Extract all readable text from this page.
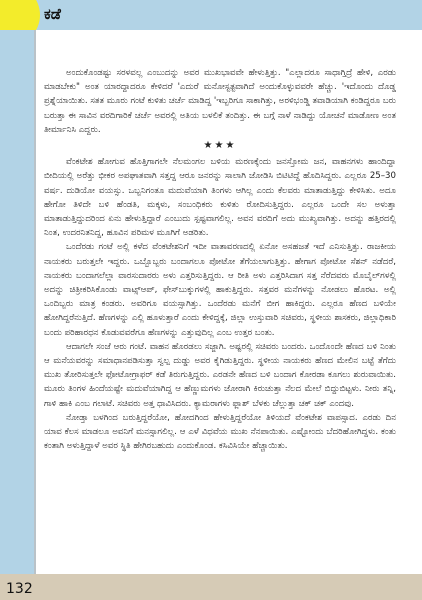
ಕಡೆ

ಅಂದುಕೊಂಡಷ್ಟು ಸರಳವಲ್ಲ ಎಂಬುದನ್ನು ಅವರ ಮುಖಭಾವವೇ ಹೇಳುತ್ತಿತ್ತು. "ಎಲ್ಲಾದರೂ ಸಾಧಾಗ್ತಿದ್ರೆ ಹೇಳಿ, ಎರಡು ಮಾಡಬೇಕು" ಅಂತ ಯಾರದ್ದಾದರೂ ಕೇಳಿದರೆ 'ಎದುರೆ ಮನೋಸ್ಟತ್ಟವಾಗಿದೆ ಅಂದುಕೊಳ್ಳುವವರೇ ಹೆಚ್ಚು. 'ಇದೊಂದು ದೊಡ್ಡ ಪ್ರಶ್ನೆಯಾಯಿತು. ಸತತ ಮೂರು ಗಂಟೆ ಕುಳಿತು ಚರ್ಚೆ ಮಾಡಿದ್ದ 'ಇಬ್ಬರಿಗೂ ಸಾಕಾಗಿತ್ತು, ಅರಳಿಭಂಡ್ಡಿ ತವಾಡಿಯಾಗಿ ಕಂಡಿದ್ದರೂ ಬರು ಬರುತ್ತಾ ಈ ಸಾವಿನ ವರದಿಗಾರಿಕೆ ಚರ್ಚೆ ಅವರಲ್ಲಿ ಅತಿಯ ಬಳಲಿಕೆ ತಂದಿತ್ತು. ಈ ಬಗ್ಗೆ ನಾಳೆ ನಾಡಿದ್ದು ಯೋಚನೆ ಮಾಡೋಣ ಅಂತ ತೀರ್ಮಾನಿಸಿ ಎದ್ದರು.

★★★

ವೆಂಕಟೇಶ ಹೋಗುವ ಹೊತ್ತಿಗಾಗಲೇ ನೆಲಮಂಗಲ ಬಳಿಯ ಮರಣಕ್ಕೆಂದು ಜನಸ್ತೋಮ ಜನ, ವಾಹನಗಳು ಹಾಂದಿದ್ದಾ ಬೀದಿಯಲ್ಲಿ ಅರೆತ್ತು ಭೀಕರ ಅಪಘಾತವಾಗಿ ಸತ್ತದ್ದ ಆರೂ ಜನರನ್ನು ಸಾಲಾಗಿ ಜೋಡಿಸಿ ಬಿಟಿಟಿದ್ದೆ ಹೊದಿಸಿದ್ದರು. ಎಲ್ಲರೂ 25–30 ವರ್ಷ. ದುಡಿಯೋ ವಯಸ್ಸು. ಒಬ್ಬನಿಗಂತೂ ಮದುವೆಯಾಗಿ ತಿಂಗಳು ಆಗಿಲ್ಲ ಎಂದು ಕೆಲವರು ಮಾತಾಡುತ್ತಿದ್ದು ಕೇಳಿಸಿತು. ಅದೂ ಹೇಗೋ ತಿಳಿದೇ ಬಳಿ ಹೆಂಡತಿ, ಮಕ್ಕಳು, ಸಂಬಂಧಿಕರು ಕುಳಿತು ರೋದಿಸುತ್ತಿದ್ದರು. ಎಲ್ಲರೂ ಒಂದೇ ಸಲ ಅಳುತ್ತಾ ಮಾತಾಡುತ್ತಿದ್ದುದರಿಂದ ಏನು ಹೇಳುತ್ತಿದ್ದಾರೆ ಎಂಬುದು ಸ್ಪಷ್ಟವಾಗಲಿಲ್ಲ. ಅವನ ವರದಿಗೆ ಅದು ಮುಖ್ಯವಾಗಿತ್ತು. ಅದನ್ನು ಹತ್ತಿರದಲ್ಲಿ ನಿಂತ, ಉದರನಿತನಿದ್ದ, ಹೂವಿನ ಪರಿಮಳ ಮೂಗಿಗೆ ಅಡರಿತು.

ಒಂದೆರಡು ಗಂಟೆ ಅಲ್ಲಿ ಕಳೆದ ವೆಂಕಟೇಶನಿಗೆ ಇದೀ ವಾತಾವರಣದಲ್ಲಿ ಏನೋ ಅಸಹಜತೆ ಇದೆ ಎನಿಸುತ್ತಿತ್ತು. ರಾಜಕೀಯ ನಾಯಕರು ಬರುತ್ತಲೇ ಇದ್ದರು. ಒಬ್ಬೊಬ್ಬರು ಬಂದಾಗಲೂ ಪೋಟೋ ತೆಗೆಯಲಾಗುತ್ತಿತ್ತು. ಹೇಗಾಗ ಪೋಟೋ ಸೆಶನ್ ನಡೆದರೆ, ನಾಯಕರು ಬಂದಾಗಲೆಲ್ಲಾ ವಾರಸುದಾರರು ಅಳು ಎತ್ತರಿಸುತ್ತಿದ್ದರು. ಆ ರೀತಿ ಅಳು ಎತ್ತರಿಸಿದಾಗ ಸತ್ತ ನೆರೆದವರು ಮೊಬೈಲ್‌ಗಳಲ್ಲಿ ಅದನ್ನು ಚಿತ್ರೀಕರಿಸಿಕೊಂಡು ವಾಟ್ಸ್ಆಪ್, ಫೇಸ್‌ಬುಕ್ಕುಗಳಲ್ಲಿ ಹಾಕುತ್ತಿದ್ದರು. ಸತ್ತವರ ಮನೆಗಳನ್ನು ನೋಡಲು ಹೊರಟ. ಅಲ್ಲಿ ಒಂದಿಬ್ಬರು ಮಾತ್ರ ಕಂಡರು. ಅವರಿಗೂ ವಯಸ್ಸಾಗಿತ್ತು. ಒಂದೆರಡು ಮನೆಗೆ ಬೀಗ ಹಾಕಿದ್ದರು. ಎಲ್ಲರೂ ಹೆಣದ ಬಳಿಯೇ ಹೋಗಿದ್ದರೆನುತ್ತಿದೆ. ಹೆಣಗಳನ್ನು ಎಲ್ಲಿ ಹೂಳುತ್ತಾರೆ ಎಂದು ಕೇಳಿದ್ದಕ್ಕೆ, ಜಿಲ್ಲಾ ಉಸ್ತುವಾರಿ ಸಚಿವರು, ಸ್ಥಳೀಯ ಶಾಸಕರು, ಜಿಲ್ಲಾಧಿಕಾರಿ ಬಂದು ಪರಿಹಾರಧನ ಕೊಡುವವರೆಗೂ ಹೆಣಗಳನ್ನು ಎತ್ತುವುದಿಲ್ಲ ಎಂಬ ಉತ್ತರ ಬಂತು.

ಆದಾಗಲೇ ಸಂಜೆ ಆರು ಗಂಟೆ. ವಾಹನ ಹೊರಡಲು ಸಜ್ಜಾಗಿ. ಅಷ್ಟರಲ್ಲಿ ಸಚಿವರು ಬಂದರು. ಒಂದೊಂದೇ ಹೆಣದ ಬಳಿ ನಿಂತು ಆ ಮನೆಯವರನ್ನು ಸಮಾಧಾನಪಡಿಸುತ್ತಾ ಸ್ವಲ್ಪ ದುಡ್ಡು ಅವರ ಕೈಗಿಡುತ್ತಿದ್ದರು. ಸ್ಥಳೀಯ ನಾಯಕರು ಹೆಣದ ಮೇಲಿನ ಬಟ್ಟೆ ತೆಗೆದು ಮುಖ ತೋರಿಸುತ್ತಲೇ ಫೋಟೋಗ್ರಾಫರ್ ಕಡೆ ತಿರುಗುತ್ತಿದ್ದರು. ಎರಡನೇ ಹೆಣದ ಬಳಿ ಬಂದಾಗ ಕೋರಡಾ ಕೂಗಲು ಶುರುವಾಯಿತು. ಮೂರು ತಿಂಗಳ ಹಿಂದೆಯಷ್ಟೇ ಮದುವೆಯಾಗಿದ್ದ ಆ ಹೆಣ್ಣುಮಗಳು ಜೋರಾಗಿ ಕಿರುಚುತ್ತಾ ನೆಲದ ಮೇಲೆ ಬಿದ್ದುಬಿಟ್ಟಳು. ನೀರು ತನ್ನಿ, ಗಾಳಿ ಹಾಕಿ ಎಂಬ ಗಲಾಟೆ. ಸಚಿವರು ಅತ್ತ ಧಾವಿಸಿದರು. ಕ್ಯಾಮರಾಗಳು ಫ್ಲಾಶ್ ಬೆಳಕು ಚೆಲ್ಲುತ್ತಾ ಚಕ್ ಚಕ್ ಎಂದವು.

ನೋಡ್ತಾ ಬಳಗಿಂದ ಬರುತ್ತಿದ್ದರೆಯೋ, ಹೋದಗಿಂದ ಹೇಳುತ್ತಿದ್ದರೆಯೋ ತಿಳಿಯದೆ ವೆಂಕಟೇಶ ವಾಪಸ್ಸಾದ. ಎರಡು ದಿನ ಯಾವ ಕೆಲಸ ಮಾಡಲೂ ಅವನಿಗೆ ಮನಸ್ಸಾಗಲಿಲ್ಲ. ಆ ಎಳೆ ವಿಧವೆಯ ಮುಖ ನೆನಪಾಯಿತು. ಎಷ್ಟೋಂದು ಬೆದರಿಹೋಗಿದ್ದಳು. ಕಂತು ಕಂತಾಗಿ ಅಳುತ್ತಿದ್ದಾಳೆ ಅವರ ಸ್ಥಿತಿ ಹೇಗಿರಬಹುದು ಎಂದುಕೊಂಡ. ಕಸಿವಿಸಿಯೇ ಹೆಚ್ಚಾಯಿತು.

132
